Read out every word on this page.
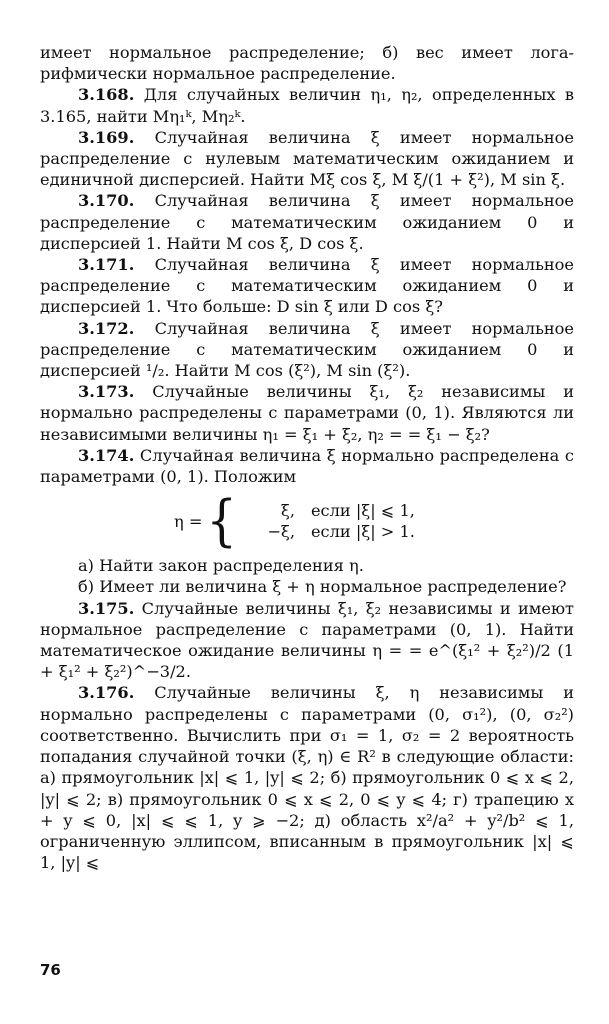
имеет нормальное распределение; б) вес имеет лога- рифмически нормальное распределение.

3.168. Для случайных величин η₁, η₂, определенных в 3.165, найти Mη₁ᵏ, Mη₂ᵏ.

3.169. Случайная величина ξ имеет нормальное распределение с нулевым математическим ожиданием и единичной дисперсией. Найти Mξ cos ξ, M ξ/(1 + ξ²), M sin ξ.

3.170. Случайная величина ξ имеет нормальное распределение с математическим ожиданием 0 и дисперсией 1. Найти M cos ξ, D cos ξ.

3.171. Случайная величина ξ имеет нормальное распределение с математическим ожиданием 0 и дисперсией 1. Что больше: D sin ξ или D cos ξ?

3.172. Случайная величина ξ имеет нормальное распределение с математическим ожиданием 0 и дисперсией ¹/₂. Найти M cos (ξ²), M sin (ξ²).

3.173. Случайные величины ξ₁, ξ₂ независимы и нормально распределены с параметрами (0, 1). Являются ли независимыми величины η₁ = ξ₁ + ξ₂, η₂ = = ξ₁ − ξ₂?

3.174. Случайная величина ξ нормально распределена с параметрами (0, 1). Положим

η = {	ξ, если |ξ| ⩽ 1,
−ξ, если |ξ| > 1.

а) Найти закон распределения η.

б) Имеет ли величина ξ + η нормальное распределение?

3.175. Случайные величины ξ₁, ξ₂ независимы и имеют нормальное распределение с параметрами (0, 1). Найти математическое ожидание величины η = = e^(ξ₁² + ξ₂²)/2 (1 + ξ₁² + ξ₂²)^−3/2.

3.176. Случайные величины ξ, η независимы и нормально распределены с параметрами (0, σ₁²), (0, σ₂²) соответственно. Вычислить при σ₁ = 1, σ₂ = 2 вероятность попадания случайной точки (ξ, η) ∈ R² в следующие области: а) прямоугольник |x| ⩽ 1, |y| ⩽ 2; б) прямоугольник 0 ⩽ x ⩽ 2, |y| ⩽ 2; в) прямоугольник 0 ⩽ x ⩽ 2, 0 ⩽ y ⩽ 4; г) трапецию x + y ⩽ 0, |x| ⩽ ⩽ 1, y ⩾ −2; д) область x²/a² + y²/b² ⩽ 1, ограниченную эллипсом, вписанным в прямоугольник |x| ⩽ 1, |y| ⩽

76
